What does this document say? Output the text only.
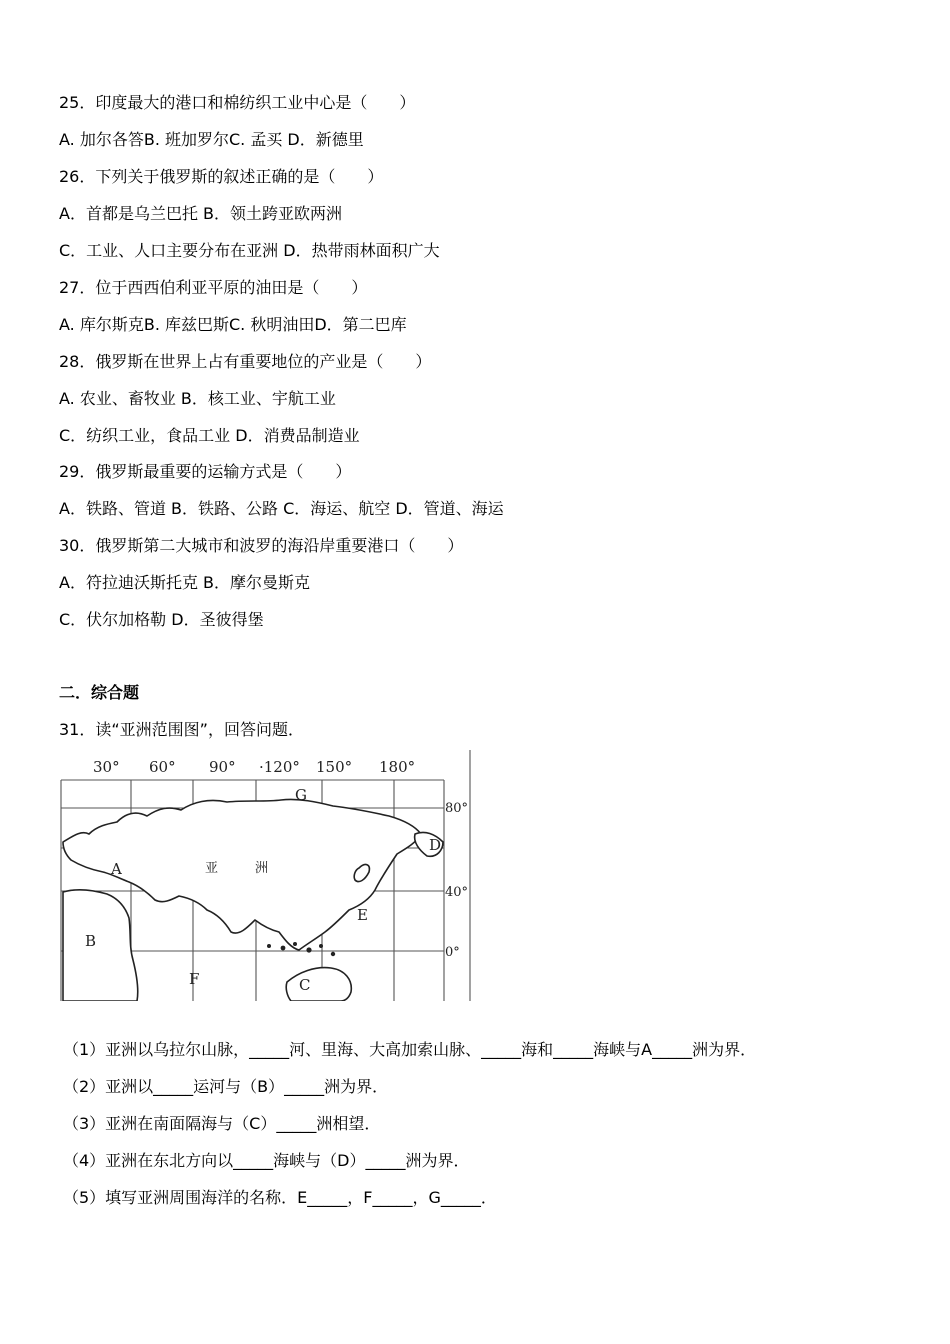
25．印度最大的港口和棉纺织工业中心是（　　）
A. 加尔各答B. 班加罗尔C. 孟买 D．新德里
26．下列关于俄罗斯的叙述正确的是（　　）
A．首都是乌兰巴托 B．领土跨亚欧两洲
C．工业、人口主要分布在亚洲 D．热带雨林面积广大
27．位于西西伯利亚平原的油田是（　　）
A. 库尔斯克B. 库兹巴斯C. 秋明油田D．第二巴库
28．俄罗斯在世界上占有重要地位的产业是（　　）
A. 农业、畜牧业 B．核工业、宇航工业
C．纺织工业，食品工业 D．消费品制造业
29．俄罗斯最重要的运输方式是（　　）
A．铁路、管道 B．铁路、公路 C．海运、航空 D．管道、海运
30．俄罗斯第二大城市和波罗的海沿岸重要港口（　　）
A．符拉迪沃斯托克 B．摩尔曼斯克
C．伏尔加格勒 D．圣彼得堡
二．综合题
31．读“亚洲范围图”，回答问题．
30° 60° 90° ·120° 150° 180°
80°
40°
0°
G
A	亚	洲
D
E
B
F	C
（1）亚洲以乌拉尔山脉，_____河、里海、大高加索山脉、_____海和_____海峡与A_____洲为界．
（2）亚洲以_____运河与（B）_____洲为界．
（3）亚洲在南面隔海与（C）_____洲相望．
（4）亚洲在东北方向以_____海峡与（D）_____洲为界．
（5）填写亚洲周围海洋的名称．E_____，F_____，G_____．
